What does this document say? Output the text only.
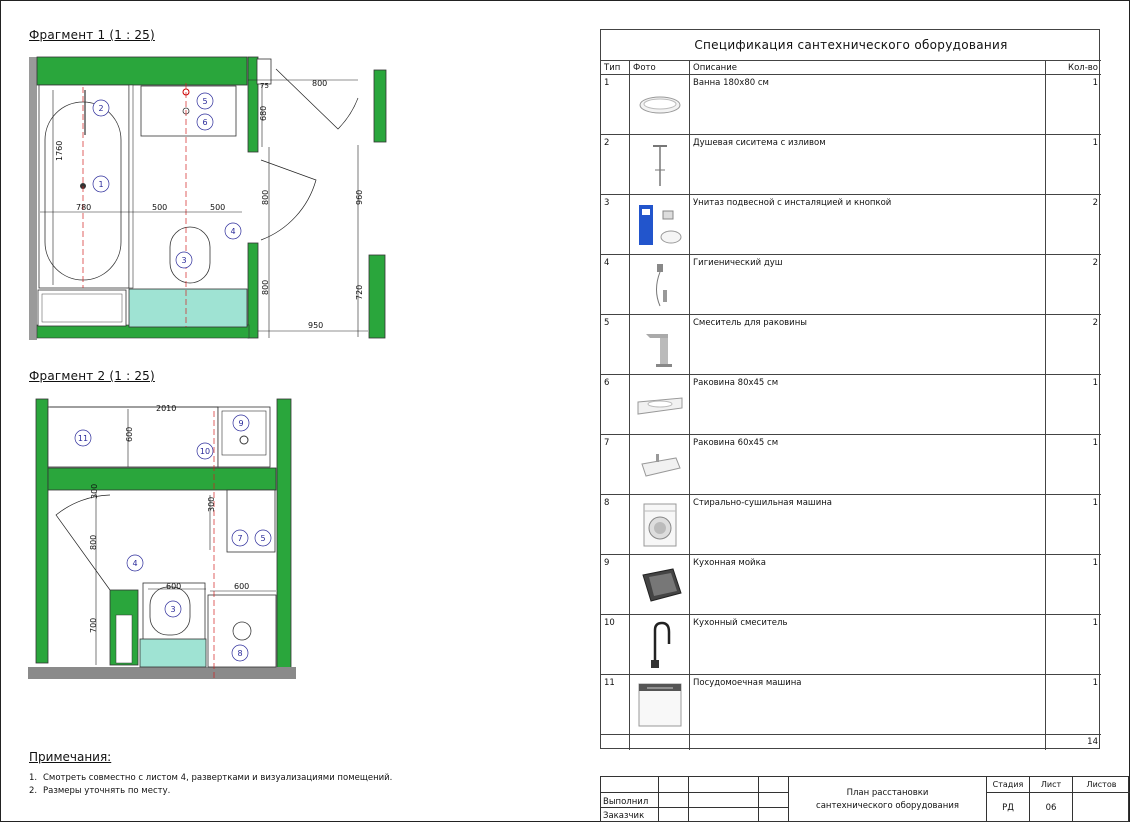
Фрагмент 1 (1 : 25)
Фрагмент 2 (1 : 25)
800
75
680
1760
780	500	500
800	960
800	720
950
1
2
3
4
5
6
2010
600
300
300
800
600	600
700
11
9
10
7 5
4
3
8
Спецификация сантехнического оборудования
Тип	Фото	Описание	Кол-во
1	Ванна 180х80 см	1
2	Душевая сиситема с изливом	1
3	Унитаз подвесной с инсталяцией и кнопкой	2
4	Гигиенический душ	2
5	Смеситель для раковины	2
6	Раковина 80х45 см	1
7	Раковина 60х45 см	1
8	Стирально-сушильная машина	1
9	Кухонная мойка	1
10	Кухонный смеситель	1
11	Посудомоечная машина	1
14
Примечания:
1. Смотреть совместно с листом 4, развертками и визуализациями помещений.
2. Размеры уточнять по месту.
Выполнил
Заказчик
План расстановки сантехнического оборудования
Стадия	Лист	Листов
РД	06
